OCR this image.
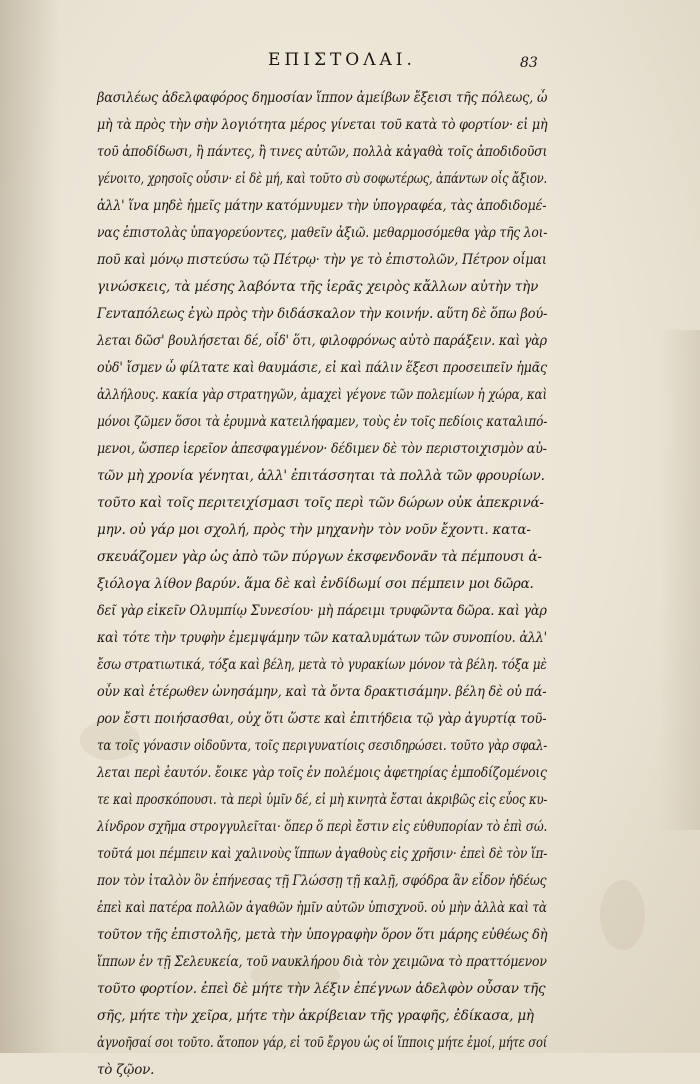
ΕΠΙΣΤΟΛΑΙ.	83
βασιλέως ἀδελφαφόρος δημοσίαν ἵππον ἀμείβων ἔξεισι τῆς πόλεως, ὦ
μὴ τὰ πρὸς τὴν σὴν λογιότητα μέρος γίνεται τοῦ κατὰ τὸ φορτίον· εἰ μὴ
τοῦ ἀποδίδωσι, ἢ πάντες, ἢ τινες αὐτῶν, πολλὰ κἀγαθὰ τοῖς ἀποδιδοῦσι
γένοιτο, χρησοῖς οὖσιν· εἰ δὲ μή, καὶ τοῦτο σὺ σοφωτέρως, ἀπάντων οἶς ἄξιον.
ἀλλ' ἵνα μηδὲ ἡμεῖς μάτην κατόμνυμεν τὴν ὑπογραφέα, τὰς ἀποδιδομέ-
νας ἐπιστολὰς ὑπαγορεύοντες, μαθεῖν ἀξιῶ. μεθαρμοσόμεθα γὰρ τῆς λοι-
ποῦ καὶ μόνῳ πιστεύσω τῷ Πέτρῳ· τὴν γε τὸ ἐπιστολῶν, Πέτρον οἶμαι
γινώσκεις, τὰ μέσης λαβόντα τῆς ἱερᾶς χειρὸς κἄλλων αὐτὴν τὴν
Γενταπόλεως ἐγὼ πρὸς τὴν διδάσκαλον τὴν κοινήν. αὕτη δὲ ὅπω βού-
λεται δῶσ' βουλήσεται δέ, οἶδ' ὅτι, φιλοφρόνως αὐτὸ παράξειν. καὶ γὰρ
οὐδ' ἴσμεν ὦ φίλτατε καὶ θαυμάσιε, εἰ καὶ πάλιν ἕξεσι προσειπεῖν ἡμᾶς
ἀλλήλους. κακία γὰρ στρατηγῶν, ἀμαχεὶ γέγονε τῶν πολεμίων ἡ χώρα, καὶ
μόνοι ζῶμεν ὅσοι τὰ ἐρυμνὰ κατειλήφαμεν, τοὺς ἐν τοῖς πεδίοις καταλιπό-
μενοι, ὥσπερ ἱερεῖον ἀπεσφαγμένον· δέδιμεν δὲ τὸν περιστοιχισμὸν αὐ-
τῶν μὴ χρονία γένηται, ἀλλ' ἐπιτάσσηται τὰ πολλὰ τῶν φρουρίων.
τοῦτο καὶ τοῖς περιτειχίσμασι τοῖς περὶ τῶν δώρων οὐκ ἀπεκρινά-
μην. οὐ γάρ μοι σχολή, πρὸς τὴν μηχανὴν τὸν νοῦν ἔχοντι. κατα-
σκευάζομεν γὰρ ὡς ἀπὸ τῶν πύργων ἐκσφενδονᾶν τὰ πέμπουσι ἀ-
ξιόλογα λίθον βαρύν. ἅμα δὲ καὶ ἐνδίδωμί σοι πέμπειν μοι δῶρα.
δεῖ γὰρ εἰκεῖν Ολυμπίῳ Συνεσίου· μὴ πάρειμι τρυφῶντα δῶρα. καὶ γὰρ
καὶ τότε τὴν τρυφὴν ἐμεμψάμην τῶν καταλυμάτων τῶν συνοπίου. ἀλλ'
ἔσω στρατιωτικά, τόξα καὶ βέλη, μετὰ τὸ γυρακίων μόνον τὰ βέλη. τόξα μὲ
οὖν καὶ ἑτέρωθεν ὠνησάμην, καὶ τὰ ὄντα δρακτισάμην. βέλη δὲ οὐ πά-
ρον ἔστι ποιήσασθαι, οὐχ ὅτι ὥστε καὶ ἐπιτήδεια τῷ γὰρ ἀγυρτίᾳ τοῦ-
τα τοῖς γόνασιν οἰδοῦντα, τοῖς περιγυνατίοις σεσιδηρώσει. τοῦτο γὰρ σφαλ-
λεται περὶ ἑαυτόν. ἔοικε γὰρ τοῖς ἐν πολέμοις ἀφετηρίας ἐμποδίζομένοις
τε καὶ προσκόπουσι. τὰ περὶ ὑμῖν δέ, εἰ μὴ κινητὰ ἔσται ἀκριβῶς εἰς εὖος κυ-
λίνδρον σχῆμα στρογγυλεῖται· ὅπερ ὅ περὶ ἔστιν εἰς εὐθυπορίαν τὸ ἐπὶ σώ.
τοῦτά μοι πέμπειν καὶ χαλινοὺς ἵππων ἀγαθοὺς εἰς χρῆσιν· ἐπεὶ δὲ τὸν ἵπ-
πον τὸν ἰταλὸν ὃν ἐπήνεσας τῇ Γλώσσῃ τῇ καλῇ, σφόδρα ἂν εἶδον ἡδέως
ἐπεὶ καὶ πατέρα πολλῶν ἀγαθῶν ἡμῖν αὐτῶν ὑπισχνοῦ. οὐ μὴν ἀλλὰ καὶ τὰ
τοῦτον τῆς ἐπιστολῆς, μετὰ τὴν ὑπογραφὴν ὅρον ὅτι μάρης εὐθέως δὴ
ἵππων ἐν τῇ Σελευκεία, τοῦ ναυκλήρου διὰ τὸν χειμῶνα τὸ πραττόμενον
τοῦτο φορτίον. ἐπεὶ δὲ μήτε τὴν λέξιν ἐπέγνων ἀδελφὸν οὖσαν τῆς
σῆς, μήτε τὴν χεῖρα, μήτε τὴν ἀκρίβειαν τῆς γραφῆς, ἐδίκασα, μὴ
ἀγνοῆσαί σοι τοῦτο. ἄτοπον γάρ, εἰ τοῦ ἔργου ὡς οἱ ἵπποις μήτε ἐμοί, μήτε σοί
τὸ ζῷον.
